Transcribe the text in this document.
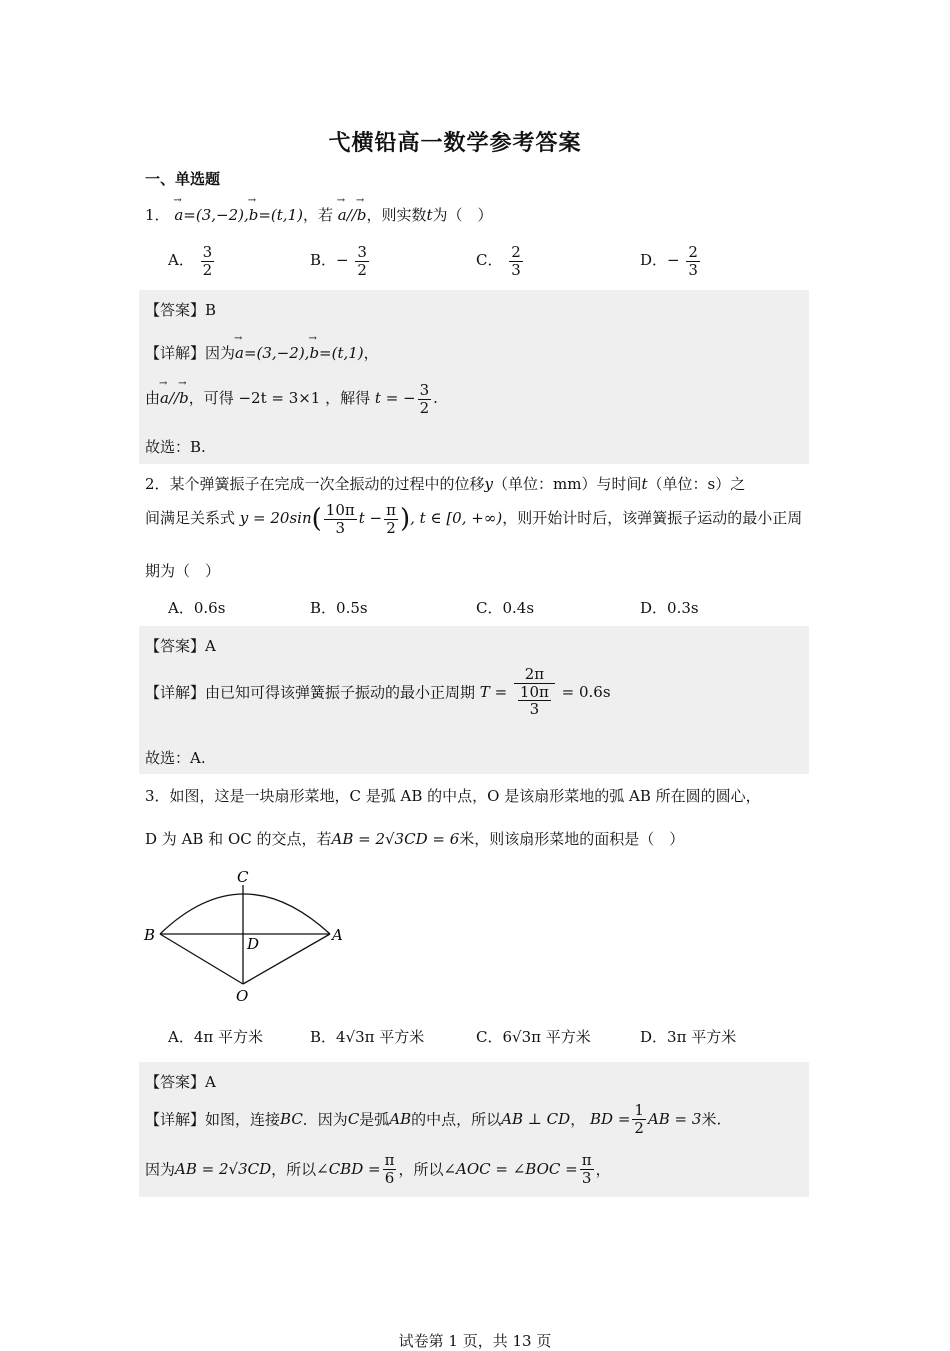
弋横铅高一数学参考答案
一、单选题
1． → a=(3,−2),→ b=(t,1)，若 → a//→ b，则实数t为（　）
A． $\frac{3}{2}$	B．− $\frac{3}{2}$	C． $\frac{2}{3}$	D．− $\frac{2}{3}$
【答案】B
【详解】因为→ a=(3,−2),→ b=(t,1)，
由→ a//→ b，可得 −2t = 3×1 ，解得 t = − $\frac{3}{2}$ .
故选：B.
2．某个弹簧振子在完成一次全振动的过程中的位移y（单位：mm）与时间t（单位：s）之
间满足关系式 $y = 20\sin( \frac{10\pi}{3}$ $t - \frac{\pi}{2}$ ), t ∈ [0, +∞)，则开始计时后，该弹簧振子运动的最小正周
期为（　）
A．0.6s	B．0.5s	C．0.4s	D．0.3s
【答案】A
【详解】由已知可得该弹簧振子振动的最小正周期 $T = \frac{2\pi}{\frac{10\pi}{3}} = 0.6s$
故选：A.
3．如图，这是一块扇形菜地，C 是弧 AB 的中点，O 是该扇形菜地的弧 AB 所在圆的圆心，
D 为 AB 和 OC 的交点，若AB = 2√3CD = 6米，则该扇形菜地的面积是（　）
C
B	A
D
O
A．4π 平方米	B．4√3π 平方米	C．6√3π 平方米	D．3π 平方米
【答案】A
【详解】如图，连接BC．因为C是弧AB的中点，所以AB ⊥ CD， BD = $\frac{1}{2}$ AB = 3米.
因为AB = 2√3CD，所以∠CBD = $\frac{\pi}{6}$ ，所以∠AOC = ∠BOC = $\frac{\pi}{3}$ ，
试卷第 1 页，共 13 页
